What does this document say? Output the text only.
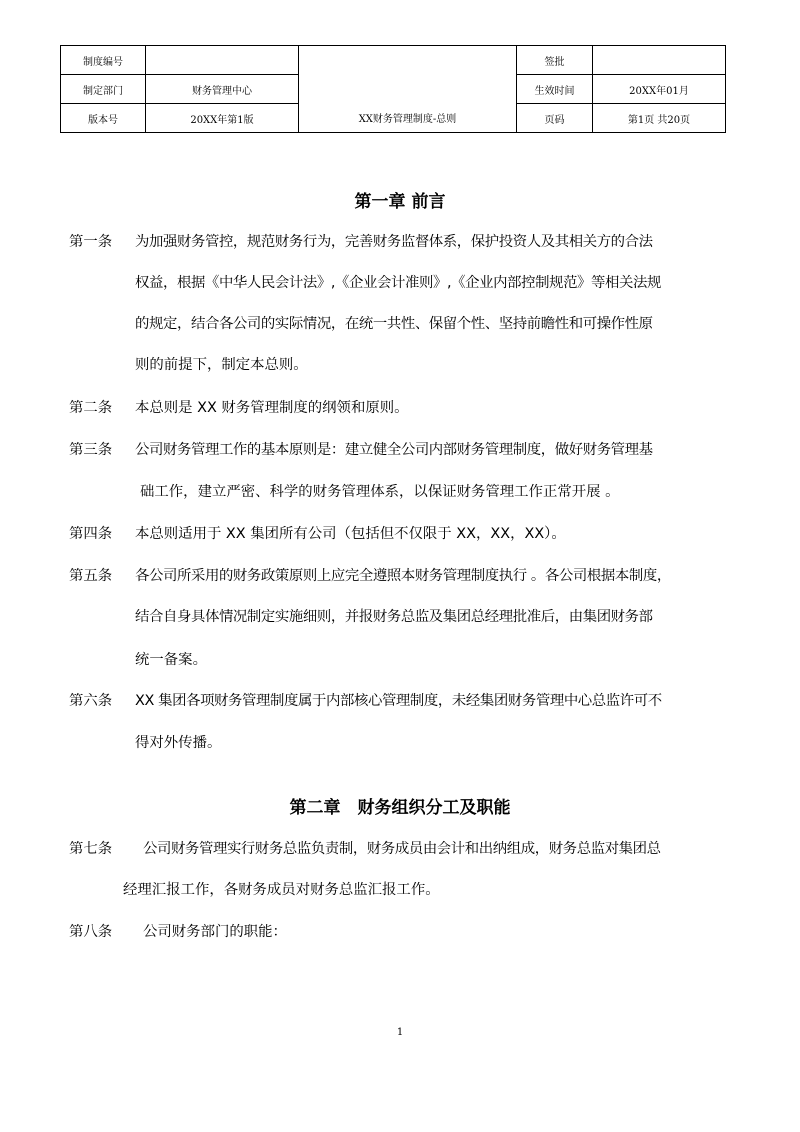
制度编号		XX财务管理制度-总则	签批	
制定部门	财务管理中心		生效时间	20XX年01月
版本号	20XX年第1版		页码	第1页 共20页
第一章 前言

第一条 为加强财务管控，规范财务行为，完善财务监督体系，保护投资人及其相关方的合法

权益，根据《中华人民会计法》,《企业会计准则》,《企业内部控制规范》等相关法规

的规定，结合各公司的实际情况，在统一共性、保留个性、坚持前瞻性和可操作性原

则的前提下，制定本总则。

第二条 本总则是 XX 财务管理制度的纲领和原则。

第三条 公司财务管理工作的基本原则是：建立健全公司内部财务管理制度，做好财务管理基

础工作，建立严密、科学的财务管理体系，以保证财务管理工作正常开展 。

第四条 本总则适用于 XX 集团所有公司（包括但不仅限于 XX，XX，XX）。

第五条 各公司所采用的财务政策原则上应完全遵照本财务管理制度执行 。各公司根据本制度，

结合自身具体情况制定实施细则，并报财务总监及集团总经理批准后，由集团财务部

统一备案。

第六条 XX 集团各项财务管理制度属于内部核心管理制度，未经集团财务管理中心总监许可不

得对外传播。

第二章　财务组织分工及职能

第七条 公司财务管理实行财务总监负责制，财务成员由会计和出纳组成，财务总监对集团总

经理汇报工作，各财务成员对财务总监汇报工作。

第八条 公司财务部门的职能：

1
